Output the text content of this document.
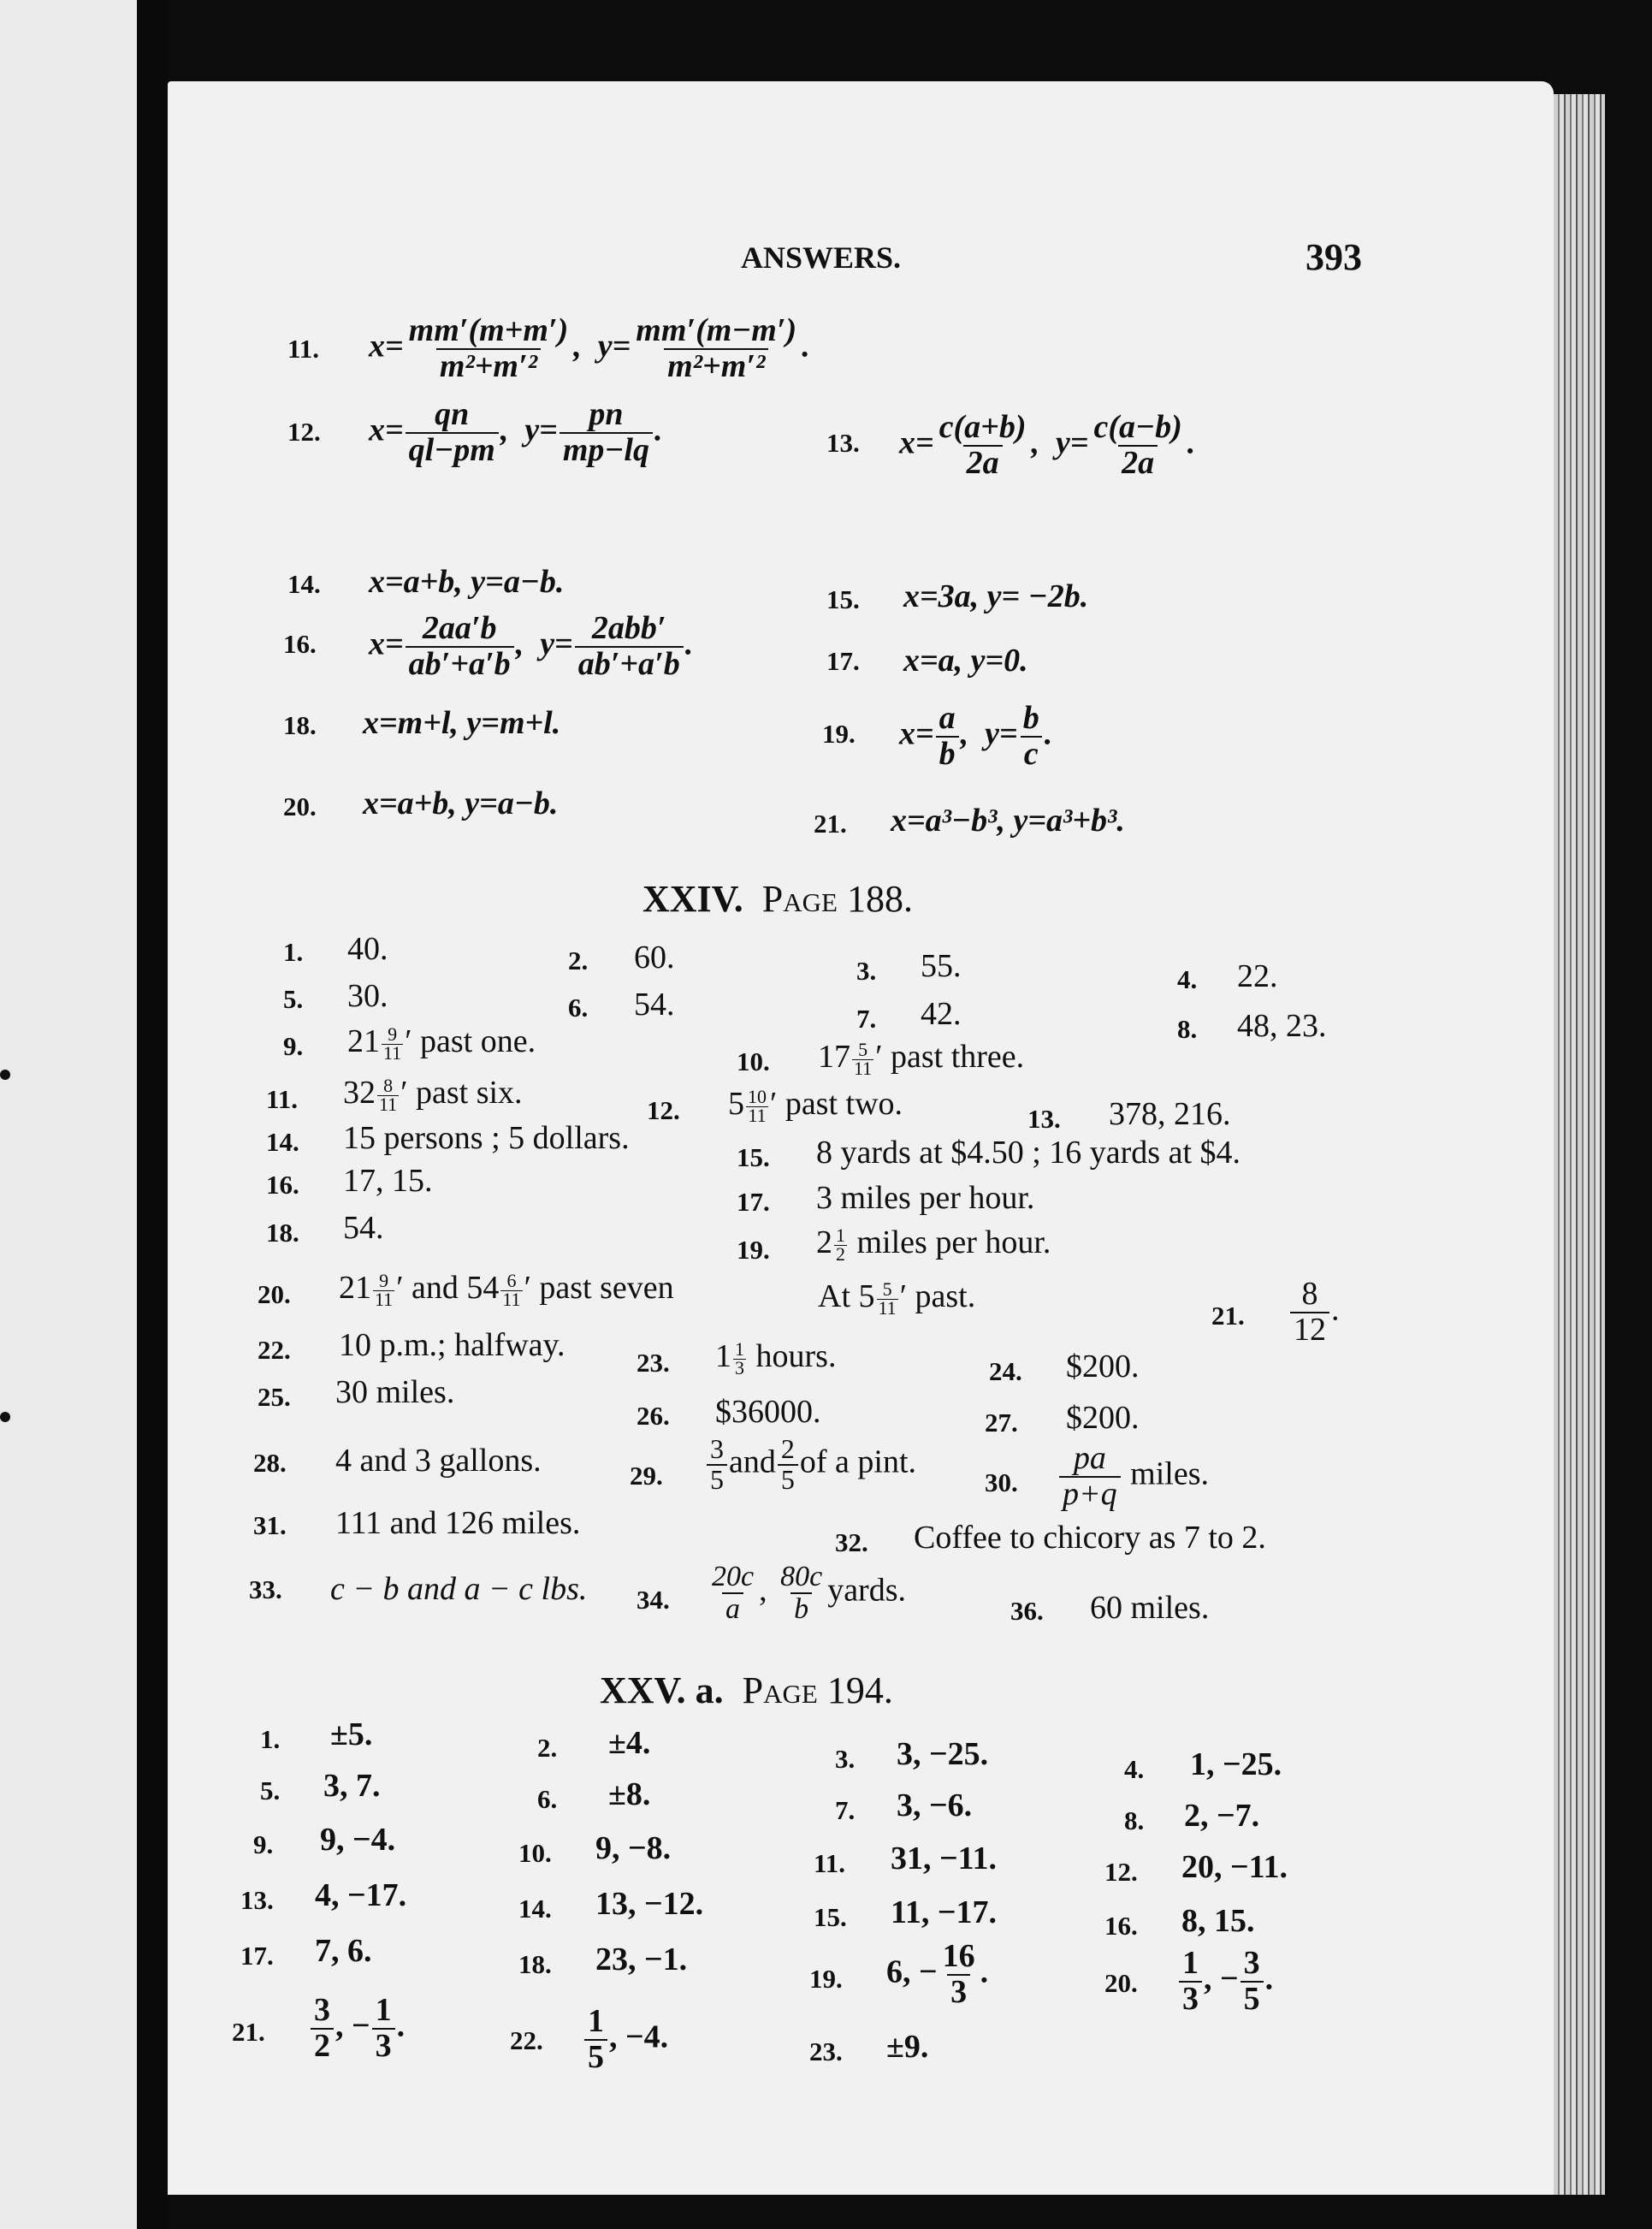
ANSWERS.	393
11. $x= \frac{mm'(m+m')}{\text{m²+m′²}}$ ,  $y= \frac{mm'(m-m')}{\text{m²+m′²}}$ .
12. $x= \frac{qn}{ql-pm}$ ,  $y= \frac{pn}{mp-lq}$ .	13. $x= \frac{c(a+b)}{2a}$ ,  $y= \frac{c(a-b)}{2a}$ .
14. x=a+b, y=a−b.	15. x=3a, y= −2b.
16. $x= \frac{2aa'b}{ab'+a'b}$ ,  $y= \frac{\text{2abb′}}{ab'+a'b}$ .	17. x=a, y=0.
18. x=m+l, y=m+l.	19. $x= \frac{a}{b}$ ,  $y= \frac{b}{c}$ .
20. x=a+b, y=a−b.
21. x=a³−b³, y=a³+b³.
XXIV. Page 188.
1. 40.	2. 60.	3. 55.	4. 22.
5. 30.	6. 54.	7. 42.	8. 48, 23.
9. $21 \frac{9}{11}$ ′ past one.
10. $17 \frac{5}{11}$ ′ past three.
11. $32 \frac{8}{11}$ ′ past six.	12. $5 \frac{10}{11}$ ′ past two.	13. 378, 216.
14. 15 persons ; 5 dollars.
15. 8 yards at $4.50 ; 16 yards at $4.
16. 17, 15.
17. 3 miles per hour.
18. 54.
19. $2 \frac{1}{2}$ miles per hour.
20. $21 \frac{9}{11}$ ′ and $54 \frac{6}{11}$ ′ past seven	At $5 \frac{5}{11}$ ′ past.
21. $\frac{8}{12}$ .
22. 10 p.m.; halfway.	23. $1 \frac{1}{3}$ hours.	24. $200.
25. 30 miles.
26. $36000.	27. $200.
28. 4 and 3 gallons.	29. $\frac{3}{5}$ and $\frac{2}{5}$ of a pint.
30. $\frac{pa}{p+q}$ miles.
31. 111 and 126 miles.
32. Coffee to chicory as 7 to 2.
33. c − b and a − c lbs. 34. $\frac{20c}{a}$ , $\frac{80c}{b}$ yards.
36. 60 miles.
XXV. a. Page 194.
1. ±5.	2. ±4.	3. 3, −25.	4. 1, −25.
5. 3, 7.	6. ±8.	7. 3, −6.	8. 2, −7.
9. 9, −4.	10. 9, −8.	11. 31, −11.	12. 20, −11.
13. 4, −17.	14. 13, −12.	15. 11, −17.	16. 8, 15.
17. 7, 6.	18. 23, −1.
19. 6, − $\frac{16}{3}$ .	20. $\frac{1}{3}$ , − $\frac{3}{5}$ .
21. $\frac{3}{2}$ , − $\frac{1}{3}$ .	22. $\frac{1}{5}$ , −4.	23. ±9.
